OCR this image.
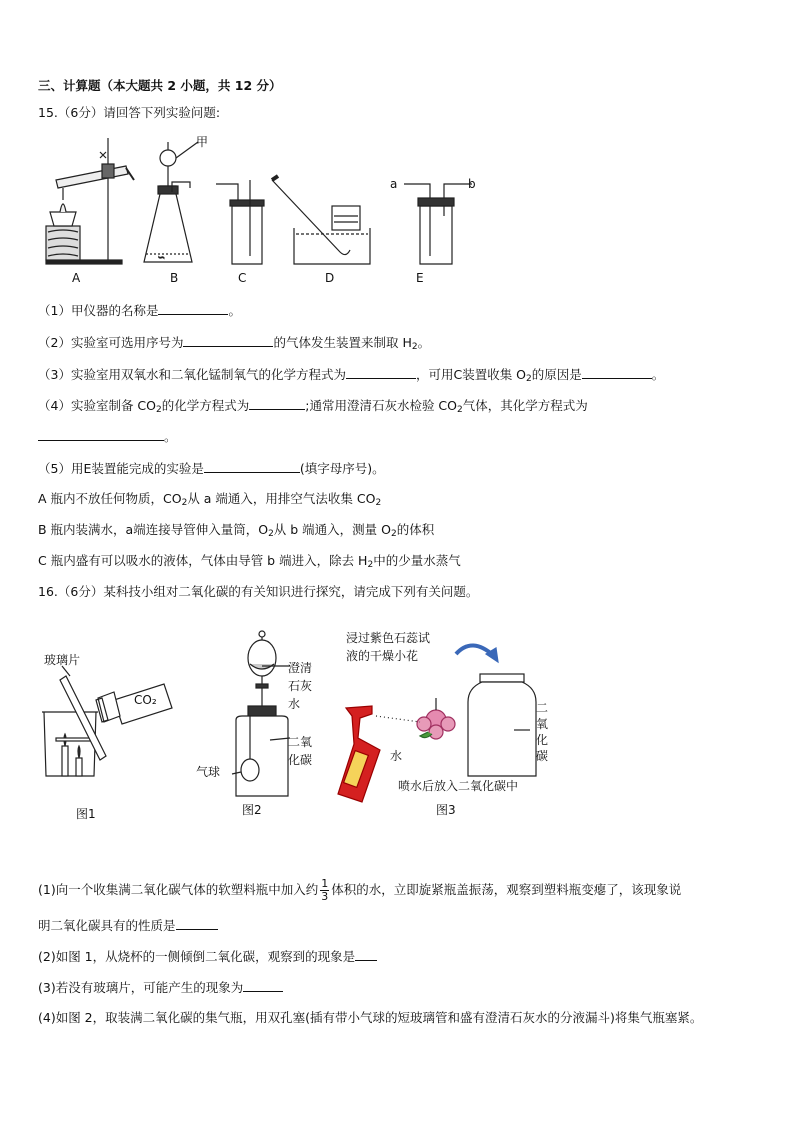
三、计算题（本大题共 2 小题，共 12 分）
15.（6分）请回答下列实验问题:
∽
甲
a	b
A	B	C	D	E
（1）甲仪器的名称是	。
（2）实验室可选用序号为	的气体发生装置来制取 $H_2$。
（3）实验室用双氧水和二氧化锰制氧气的化学方程式为	，可用C装置收集 $O_2$的原因是	。
（4）实验室制备 $CO_2$的化学方程式为	;通常用澄清石灰水检验 $CO_2$气体，其化学方程式为
。
（5）用E装置能完成的实验是	(填字母序号)。
A 瓶内不放任何物质，$CO_2$从 a 端通入，用排空气法收集 $CO_2$
B 瓶内装满水，a端连接导管伸入量筒，$O_2$从 b 端通入，测量 $O_2$的体积
C 瓶内盛有可以吸水的液体，气体由导管 b 端进入，除去 $H_2$中的少量水蒸气
16.（6分）某科技小组对二氧化碳的有关知识进行探究，请完成下列有关问题。
玻璃片
CO₂
图1
澄清
石灰
水
二氧
化碳
气球
图2
浸过紫色石蕊试
液的干燥小花
水
二
氧
化
碳
喷水后放入二氧化碳中
图3
(1)向一个收集满二氧化碳气体的软塑料瓶中加入约 $\frac{1}{3}$ 体积的水，立即旋紧瓶盖振荡，观察到塑料瓶变瘪了，该现象说
明二氧化碳具有的性质是
(2)如图 1，从烧杯的一侧倾倒二氧化碳，观察到的现象是
(3)若没有玻璃片，可能产生的现象为
(4)如图 2，取装满二氧化碳的集气瓶，用双孔塞(插有带小气球的短玻璃管和盛有澄清石灰水的分液漏斗)将集气瓶塞紧。
